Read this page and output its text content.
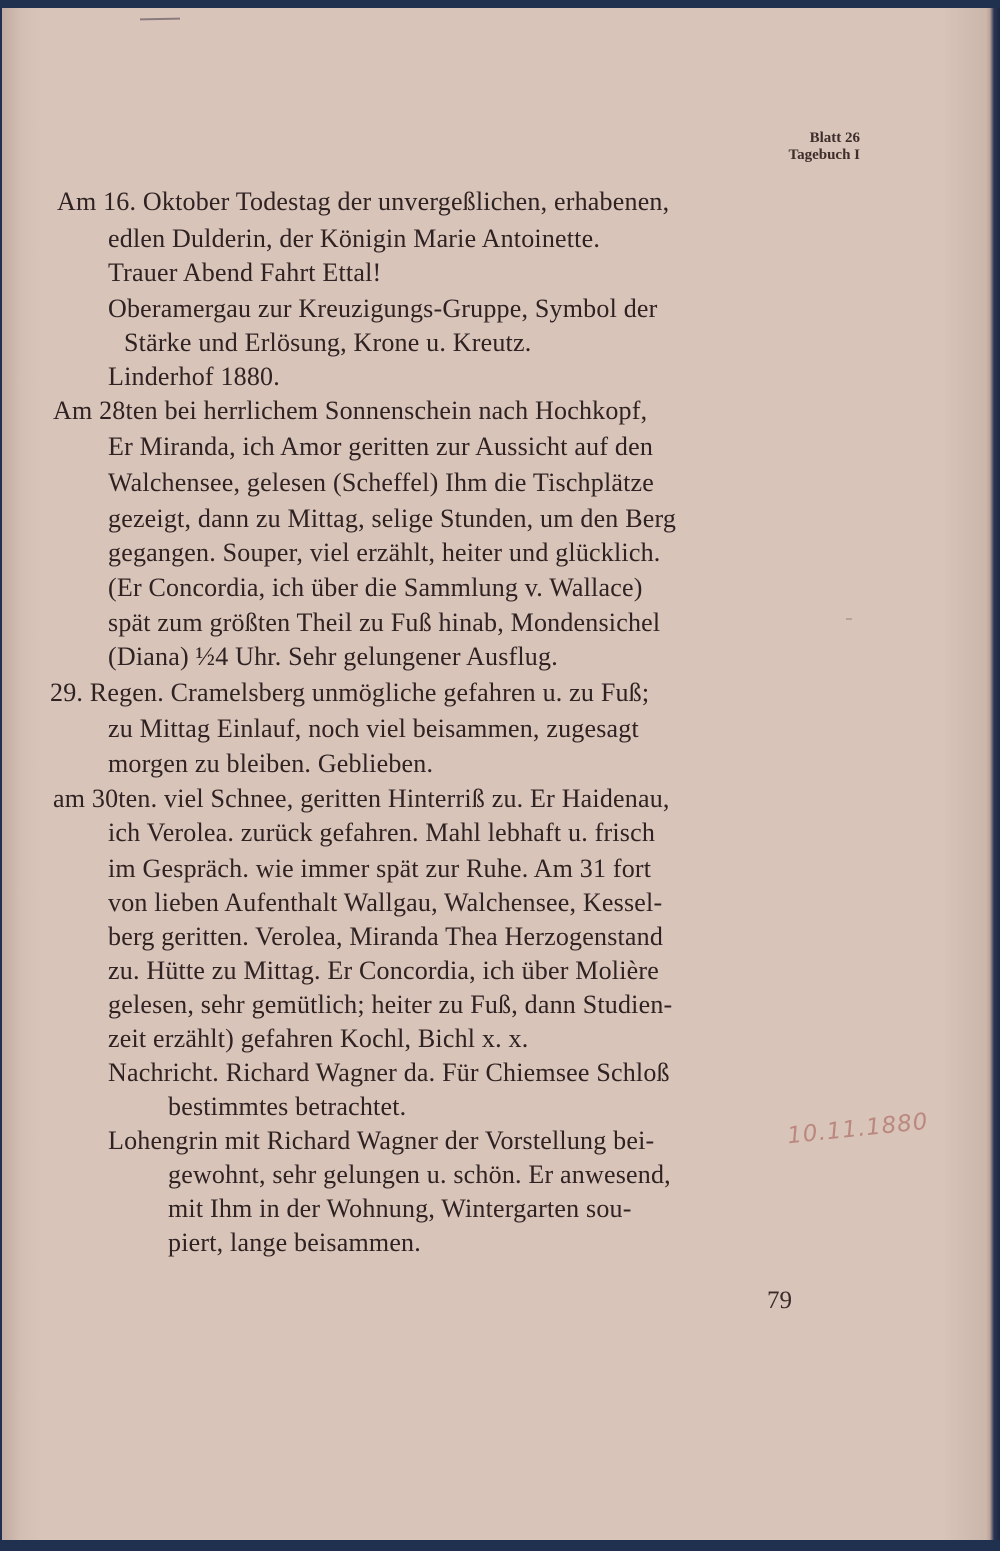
Blatt 26
Tagebuch I
Am 16. Oktober Todestag der unvergeßlichen, erhabenen,
edlen Dulderin, der Königin Marie Antoinette.
Trauer Abend Fahrt Ettal!
Oberamergau zur Kreuzigungs-Gruppe, Symbol der
Stärke und Erlösung, Krone u. Kreutz.
Linderhof 1880.
Am 28ten bei herrlichem Sonnenschein nach Hochkopf,
Er Miranda, ich Amor geritten zur Aussicht auf den
Walchensee, gelesen (Scheffel) Ihm die Tischplätze
gezeigt, dann zu Mittag, selige Stunden, um den Berg
gegangen. Souper, viel erzählt, heiter und glücklich.
(Er Concordia, ich über die Sammlung v. Wallace)
spät zum größten Theil zu Fuß hinab, Mondensichel
(Diana) ½4 Uhr. Sehr gelungener Ausflug.
29. Regen. Cramelsberg unmögliche gefahren u. zu Fuß;
zu Mittag Einlauf, noch viel beisammen, zugesagt
morgen zu bleiben. Geblieben.
am 30ten. viel Schnee, geritten Hinterriß zu. Er Haidenau,
ich Verolea. zurück gefahren. Mahl lebhaft u. frisch
im Gespräch. wie immer spät zur Ruhe. Am 31 fort
von lieben Aufenthalt Wallgau, Walchensee, Kessel-
berg geritten. Verolea, Miranda Thea Herzogenstand
zu. Hütte zu Mittag. Er Concordia, ich über Molière
gelesen, sehr gemütlich; heiter zu Fuß, dann Studien-
zeit erzählt) gefahren Kochl, Bichl x. x.
Nachricht. Richard Wagner da. Für Chiemsee Schloß
bestimmtes betrachtet.
Lohengrin mit Richard Wagner der Vorstellung bei-
gewohnt, sehr gelungen u. schön. Er anwesend,
mit Ihm in der Wohnung, Wintergarten sou-
piert, lange beisammen.
10.11.1880
79
